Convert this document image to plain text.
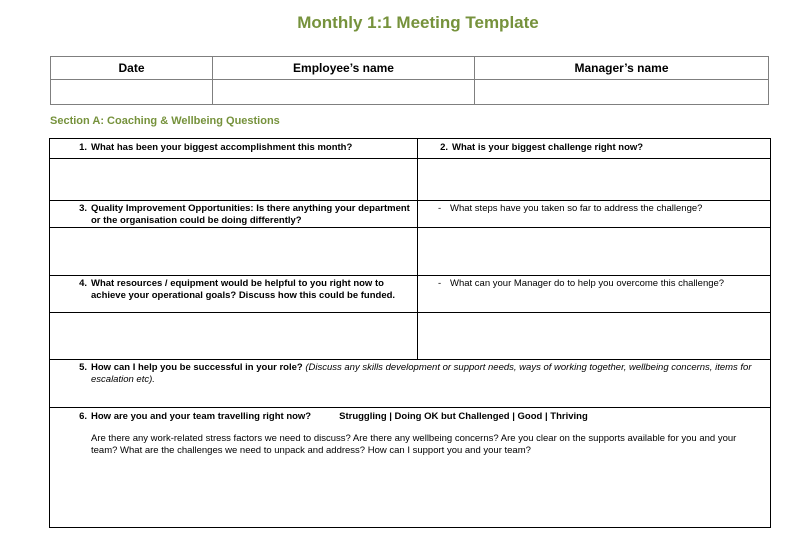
Monthly 1:1 Meeting Template
Date	Employee’s name	Manager’s name

Section A: Coaching & Wellbeing Questions
1. What has been your biggest accomplishment this month?	2. What is your biggest challenge right now?

3. Quality Improvement Opportunities: Is there anything your department or the organisation could be doing differently?	- What steps have you taken so far to address the challenge?

4. What resources / equipment would be helpful to you right now to achieve your operational goals? Discuss how this could be funded.	- What can your Manager do to help you overcome this challenge?

5. How can I help you be successful in your role? (Discuss any skills development or support needs, ways of working together, wellbeing concerns, items for escalation etc).	

6. How are you and your team travelling right now? Struggling | Doing OK but Challenged | Good | Thriving
Are there any work-related stress factors we need to discuss? Are there any wellbeing concerns? Are you clear on the supports available for you and your team? What are the challenges we need to unpack and address? How can I support you and your team?	
